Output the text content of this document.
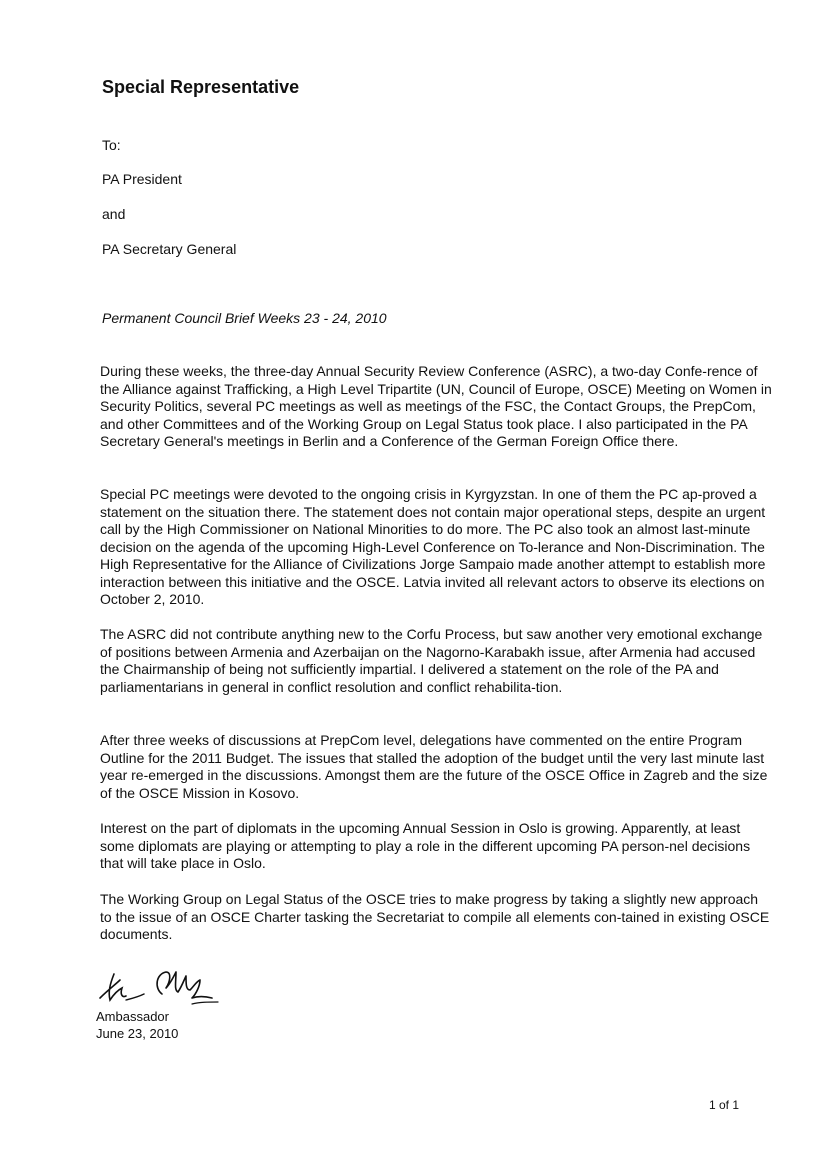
Special Representative

To:

PA President

and

PA Secretary General

Permanent Council Brief Weeks 23 - 24, 2010

During these weeks, the three-day Annual Security Review Conference (ASRC), a two-day Confe-rence of the Alliance against Trafficking, a High Level Tripartite (UN, Council of Europe, OSCE) Meeting on Women in Security Politics, several PC meetings as well as meetings of the FSC, the Contact Groups, the PrepCom, and other Committees and of the Working Group on Legal Status took place. I also participated in the PA Secretary General's meetings in Berlin and a Conference of the German Foreign Office there.

Special PC meetings were devoted to the ongoing crisis in Kyrgyzstan. In one of them the PC ap-proved a statement on the situation there. The statement does not contain major operational steps, despite an urgent call by the High Commissioner on National Minorities to do more. The PC also took an almost last-minute decision on the agenda of the upcoming High-Level Conference on To-lerance and Non-Discrimination. The High Representative for the Alliance of Civilizations Jorge Sampaio made another attempt to establish more interaction between this initiative and the OSCE. Latvia invited all relevant actors to observe its elections on October 2, 2010.

The ASRC did not contribute anything new to the Corfu Process, but saw another very emotional exchange of positions between Armenia and Azerbaijan on the Nagorno-Karabakh issue, after Armenia had accused the Chairmanship of being not sufficiently impartial. I delivered a statement on the role of the PA and parliamentarians in general in conflict resolution and conflict rehabilita-tion.

After three weeks of discussions at PrepCom level, delegations have commented on the entire Program Outline for the 2011 Budget. The issues that stalled the adoption of the budget until the very last minute last year re-emerged in the discussions. Amongst them are the future of the OSCE Office in Zagreb and the size of the OSCE Mission in Kosovo.

Interest on the part of diplomats in the upcoming Annual Session in Oslo is growing. Apparently, at least some diplomats are playing or attempting to play a role in the different upcoming PA person-nel decisions that will take place in Oslo.

The Working Group on Legal Status of the OSCE tries to make progress by taking a slightly new approach to the issue of an OSCE Charter tasking the Secretariat to compile all elements con-tained in existing OSCE documents.

Ambassador

June 23, 2010

1 of 1
